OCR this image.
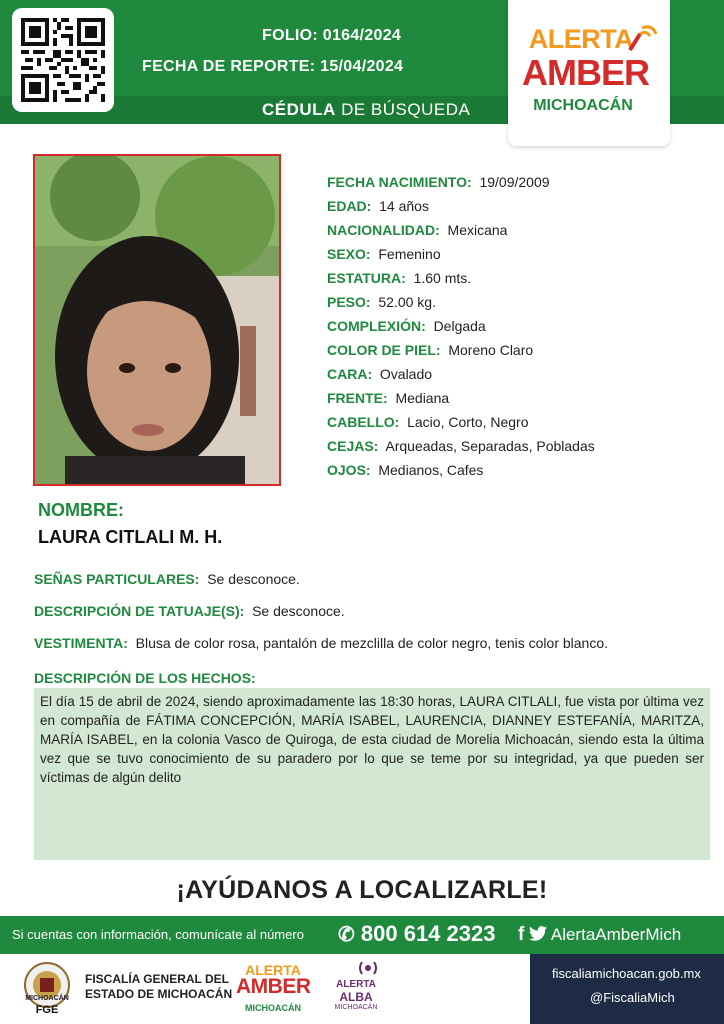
FOLIO: 0164/2024
FECHA DE REPORTE: 15/04/2024
CÉDULA DE BÚSQUEDA
ALERTA
AMBER
MICHOACÁN
FECHA NACIMIENTO: 19/09/2009
EDAD: 14 años
NACIONALIDAD: Mexicana
SEXO: Femenino
ESTATURA: 1.60 mts.
PESO: 52.00 kg.
COMPLEXIÓN: Delgada
COLOR DE PIEL: Moreno Claro
CARA: Ovalado
FRENTE: Mediana
CABELLO: Lacio, Corto, Negro
CEJAS: Arqueadas, Separadas, Pobladas
OJOS: Medianos, Cafes
NOMBRE:
LAURA CITLALI M. H.
SEÑAS PARTICULARES: Se desconoce.
DESCRIPCIÓN DE TATUAJE(S): Se desconoce.
VESTIMENTA: Blusa de color rosa, pantalón de mezclilla de color negro, tenis color blanco.
DESCRIPCIÓN DE LOS HECHOS:
El día 15 de abril de 2024, siendo aproximadamente las 18:30 horas, LAURA CITLALI, fue vista por última vez en compañía de FÁTIMA CONCEPCIÓN, MARÍA ISABEL, LAURENCIA, DIANNEY ESTEFANÍA, MARITZA, MARÍA ISABEL, en la colonia Vasco de Quiroga, de esta ciudad de Morelia Michoacán, siendo esta la última vez que se tuvo conocimiento de su paradero por lo que se teme por su integridad, ya que pueden ser víctimas de algún delito
¡AYÚDANOS A LOCALIZARLE!
Si cuentas con información, comunícate al número ✆ 800 614 2323 f AlertaAmberMich
MICHOACÁN
FGE
FISCALÍA GENERAL DEL
ESTADO DE MICHOACÁN
ALERTA
AMBER
MICHOACÁN
ALERTA
ALBA
MICHOACÁN
fiscaliamichoacan.gob.mx
@FiscaliaMich
